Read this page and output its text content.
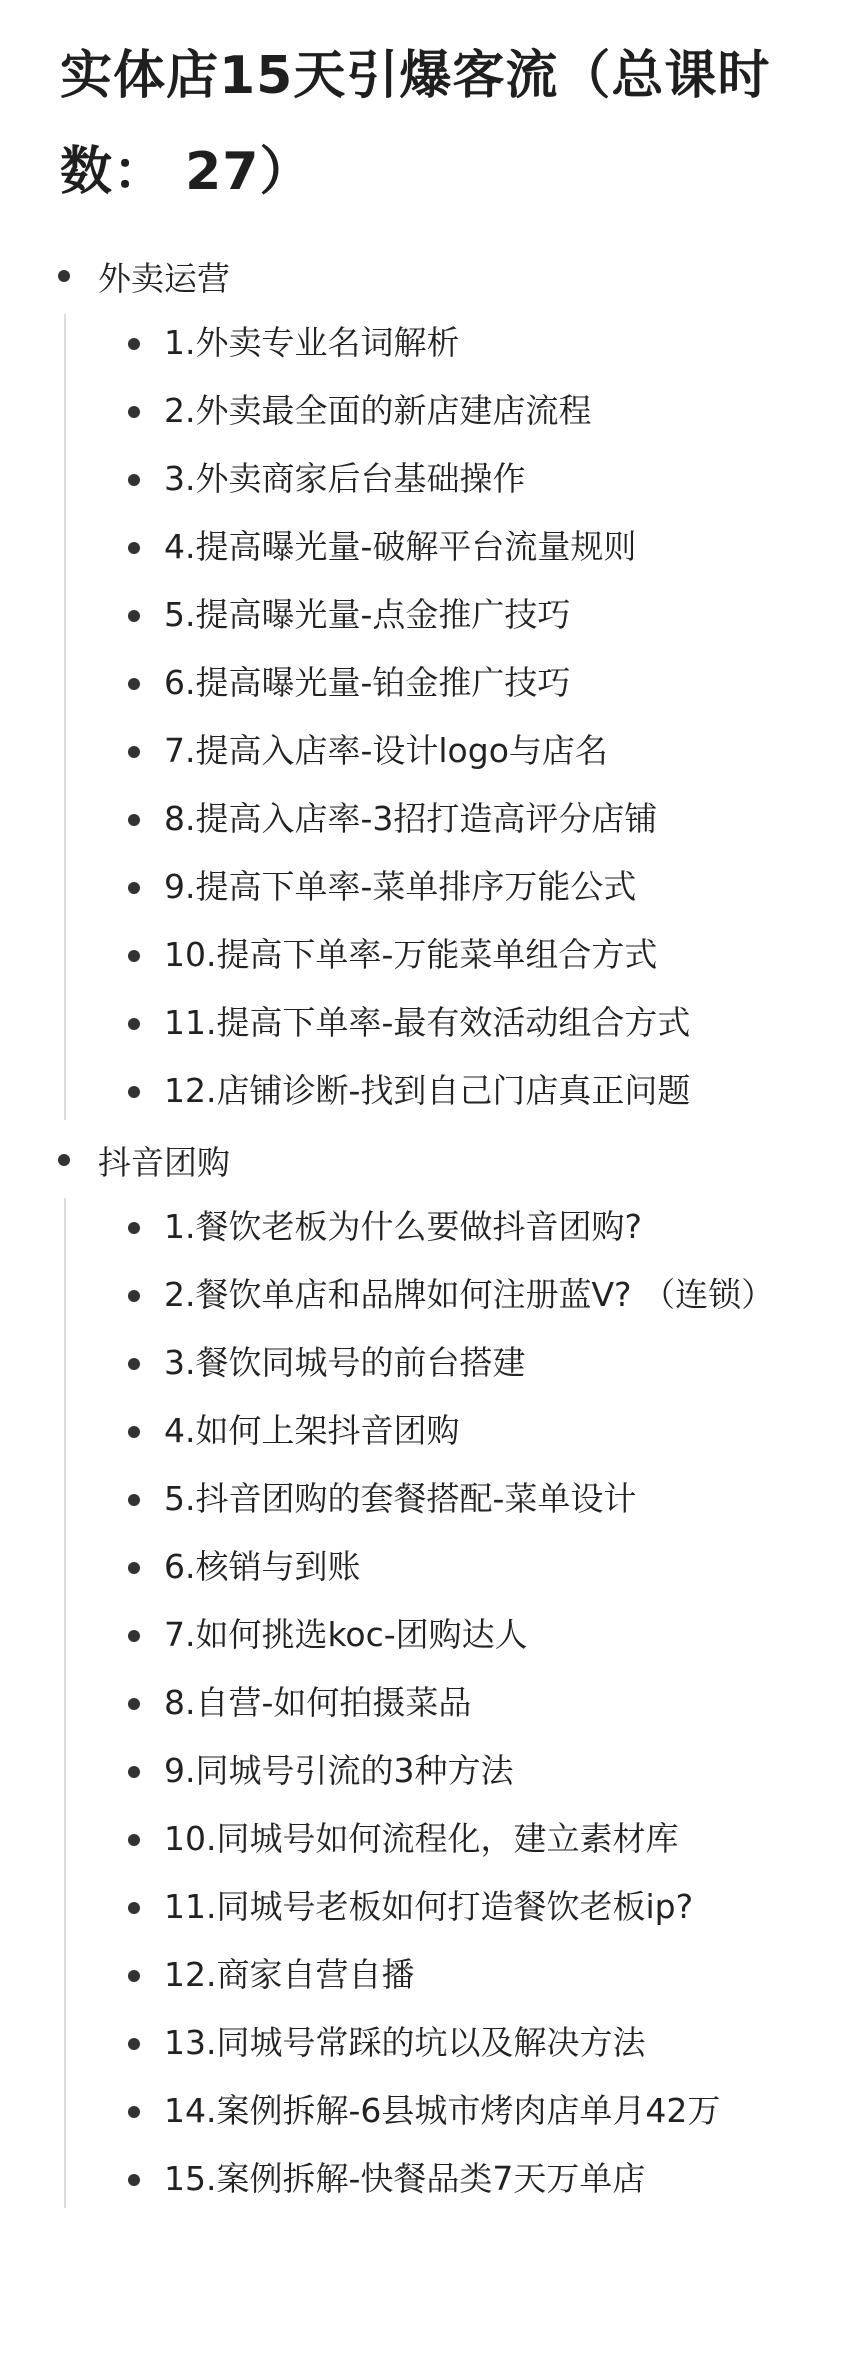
实体店15天引爆客流（总课时数： 27）
外卖运营
1.外卖专业名词解析
2.外卖最全面的新店建店流程
3.外卖商家后台基础操作
4.提高曝光量-破解平台流量规则
5.提高曝光量-点金推广技巧
6.提高曝光量-铂金推广技巧
7.提高入店率-设计logo与店名
8.提高入店率-3招打造高评分店铺
9.提高下单率-菜单排序万能公式
10.提高下单率-万能菜单组合方式
11.提高下单率-最有效活动组合方式
12.店铺诊断-找到自己门店真正问题
抖音团购
1.餐饮老板为什么要做抖音团购?
2.餐饮单店和品牌如何注册蓝V? （连锁）
3.餐饮同城号的前台搭建
4.如何上架抖音团购
5.抖音团购的套餐搭配-菜单设计
6.核销与到账
7.如何挑选koc-团购达人
8.自营-如何拍摄菜品
9.同城号引流的3种方法
10.同城号如何流程化，建立素材库
11.同城号老板如何打造餐饮老板ip?
12.商家自营自播
13.同城号常踩的坑以及解决方法
14.案例拆解-6县城市烤肉店单月42万
15.案例拆解-快餐品类7天万单店
